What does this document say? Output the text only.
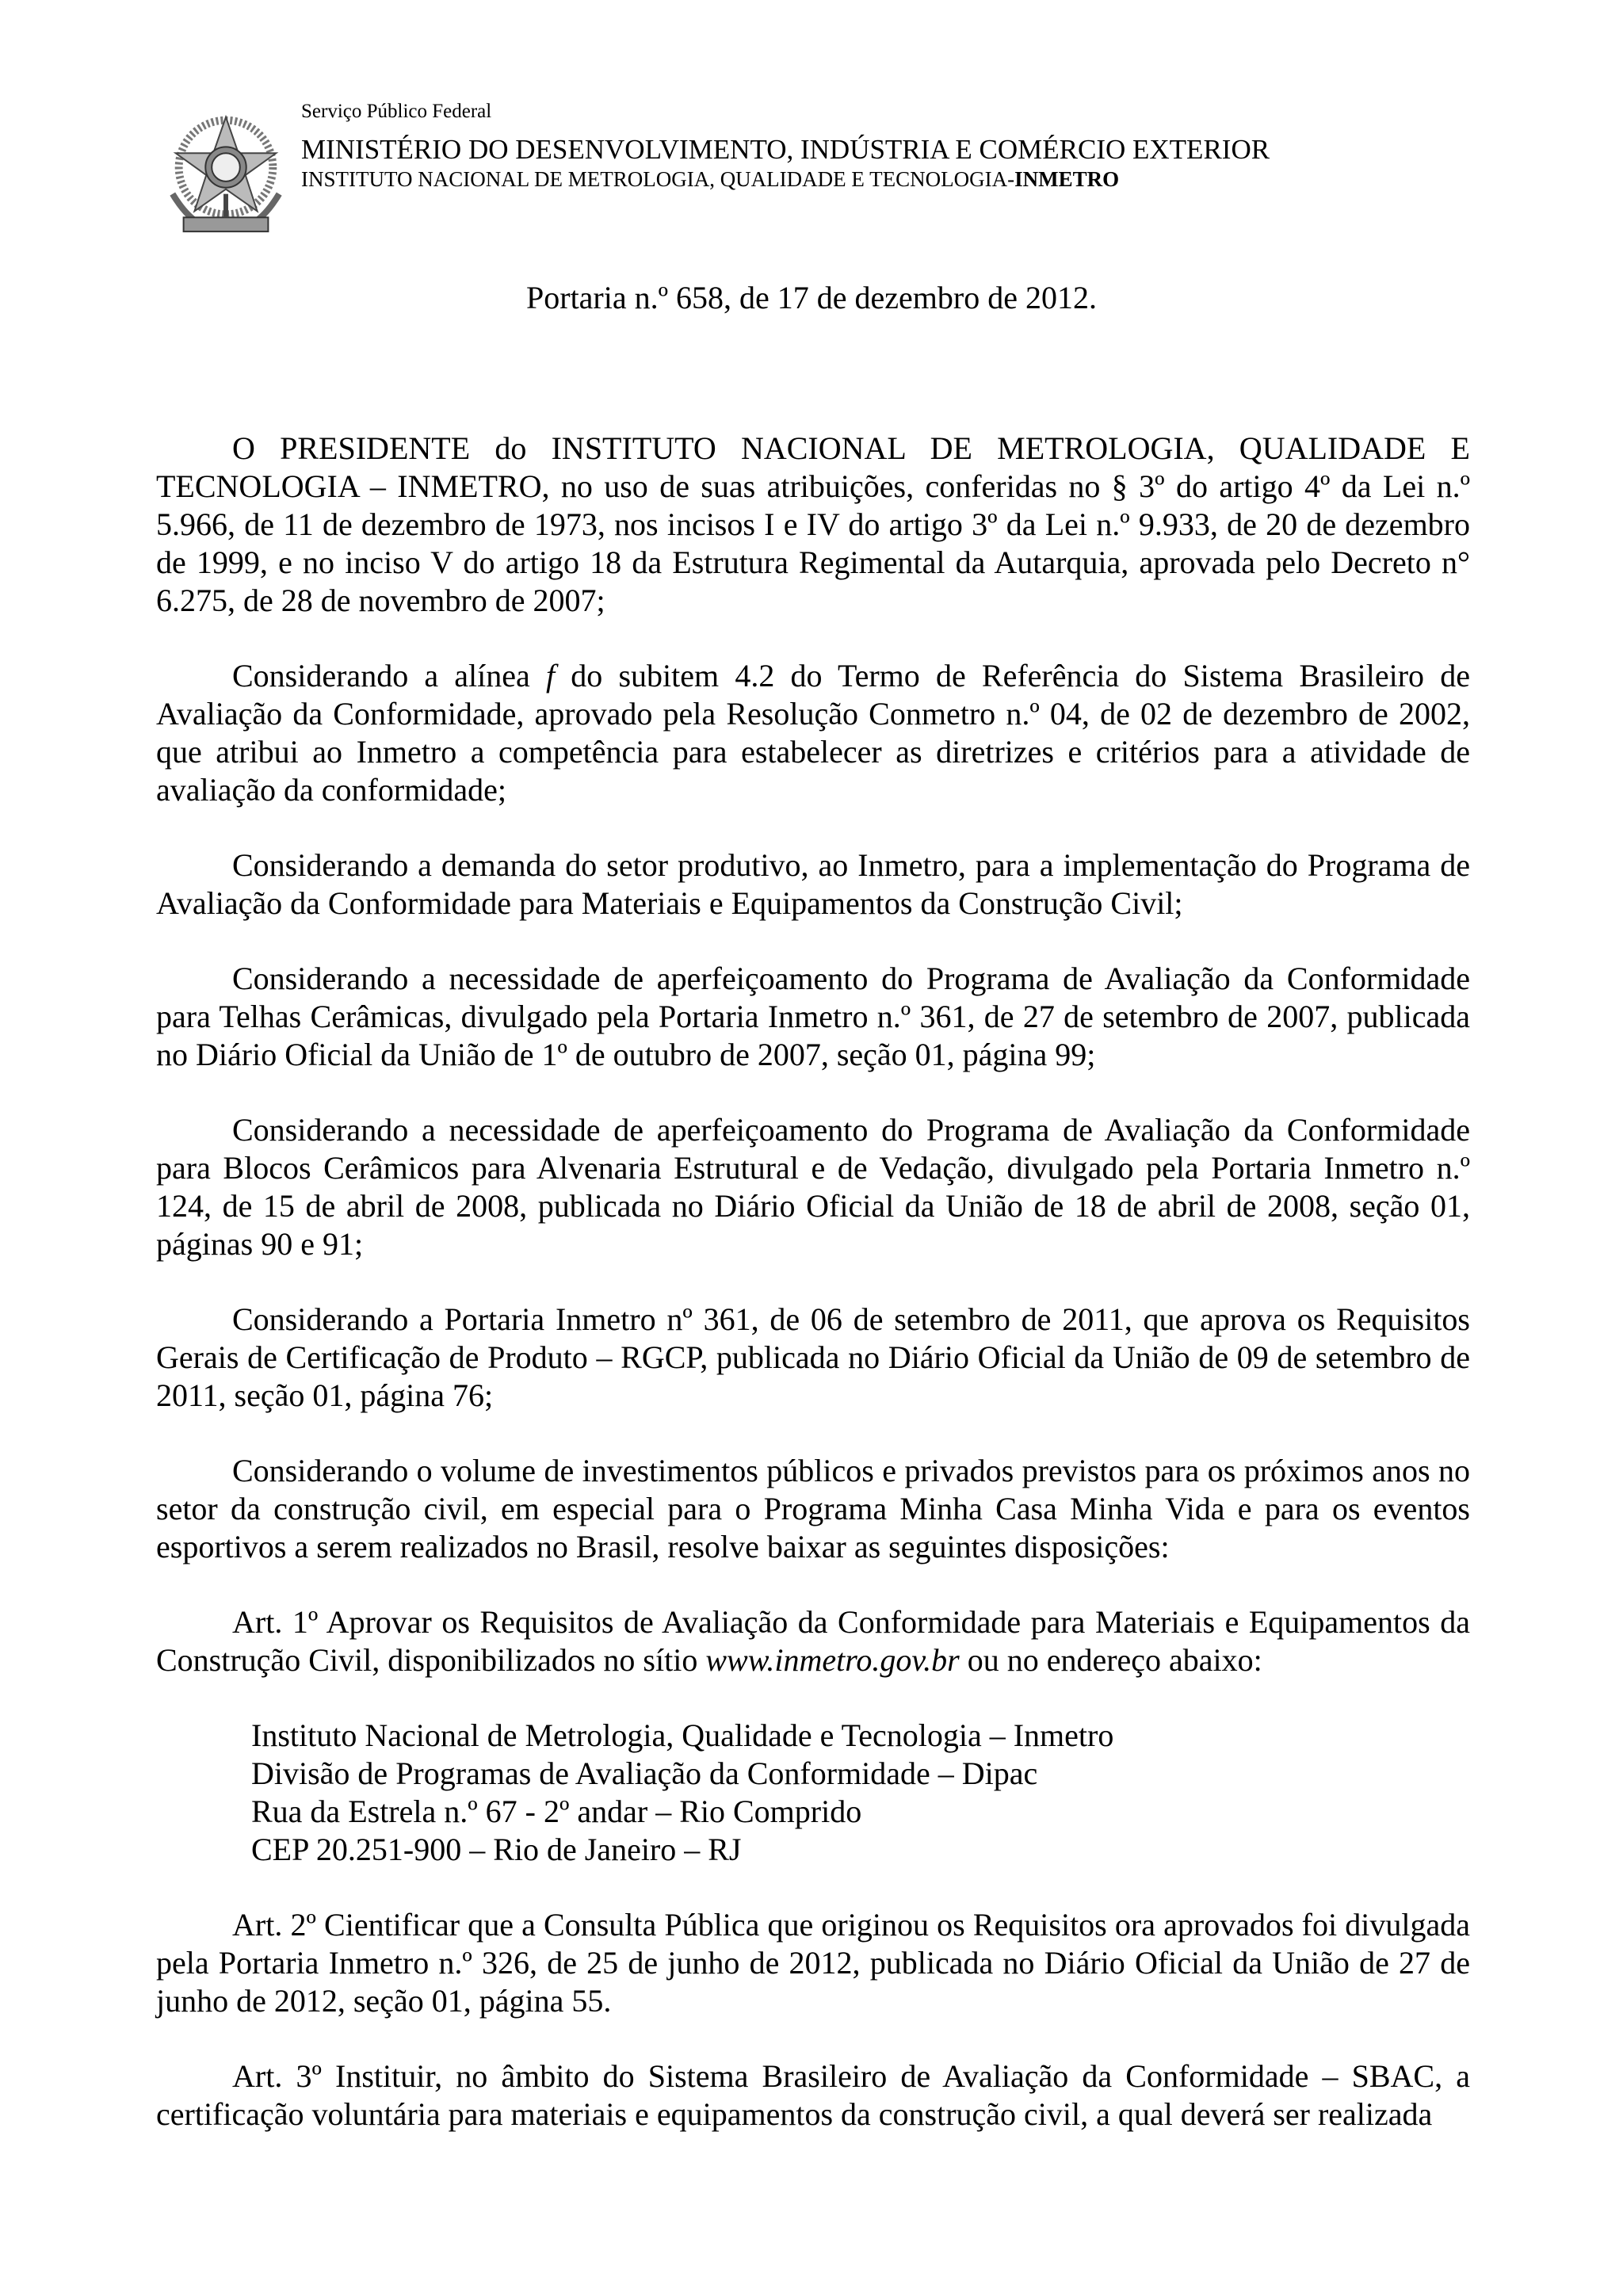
Serviço Público Federal

MINISTÉRIO DO DESENVOLVIMENTO, INDÚSTRIA E COMÉRCIO EXTERIOR

INSTITUTO NACIONAL DE METROLOGIA, QUALIDADE E TECNOLOGIA-INMETRO

Portaria n.º 658, de 17 de dezembro de 2012.

O PRESIDENTE do INSTITUTO NACIONAL DE METROLOGIA, QUALIDADE E TECNOLOGIA – INMETRO, no uso de suas atribuições, conferidas no § 3º do artigo 4º da Lei n.º 5.966, de 11 de dezembro de 1973, nos incisos I e IV do artigo 3º da Lei n.º 9.933, de 20 de dezembro de 1999, e no inciso V do artigo 18 da Estrutura Regimental da Autarquia, aprovada pelo Decreto n° 6.275, de 28 de novembro de 2007;

Considerando a alínea f do subitem 4.2 do Termo de Referência do Sistema Brasileiro de Avaliação da Conformidade, aprovado pela Resolução Conmetro n.º 04, de 02 de dezembro de 2002, que atribui ao Inmetro a competência para estabelecer as diretrizes e critérios para a atividade de avaliação da conformidade;

Considerando a demanda do setor produtivo, ao Inmetro, para a implementação do Programa de Avaliação da Conformidade para Materiais e Equipamentos da Construção Civil;

Considerando a necessidade de aperfeiçoamento do Programa de Avaliação da Conformidade para Telhas Cerâmicas, divulgado pela Portaria Inmetro n.º 361, de 27 de setembro de 2007, publicada no Diário Oficial da União de 1º de outubro de 2007, seção 01, página 99;

Considerando a necessidade de aperfeiçoamento do Programa de Avaliação da Conformidade para Blocos Cerâmicos para Alvenaria Estrutural e de Vedação, divulgado pela Portaria Inmetro n.º 124, de 15 de abril de 2008, publicada no Diário Oficial da União de 18 de abril de 2008, seção 01, páginas 90 e 91;

Considerando a Portaria Inmetro nº 361, de 06 de setembro de 2011, que aprova os Requisitos Gerais de Certificação de Produto – RGCP, publicada no Diário Oficial da União de 09 de setembro de 2011, seção 01, página 76;

Considerando o volume de investimentos públicos e privados previstos para os próximos anos no setor da construção civil, em especial para o Programa Minha Casa Minha Vida e para os eventos esportivos a serem realizados no Brasil, resolve baixar as seguintes disposições:

Art. 1º Aprovar os Requisitos de Avaliação da Conformidade para Materiais e Equipamentos da Construção Civil, disponibilizados no sítio www.inmetro.gov.br ou no endereço abaixo:

Instituto Nacional de Metrologia, Qualidade e Tecnologia – Inmetro
Divisão de Programas de Avaliação da Conformidade – Dipac
Rua da Estrela n.º 67 - 2º andar – Rio Comprido
CEP 20.251-900 – Rio de Janeiro – RJ

Art. 2º Cientificar que a Consulta Pública que originou os Requisitos ora aprovados foi divulgada pela Portaria Inmetro n.º 326, de 25 de junho de 2012, publicada no Diário Oficial da União de 27 de junho de 2012, seção 01, página 55.

Art. 3º Instituir, no âmbito do Sistema Brasileiro de Avaliação da Conformidade – SBAC, a certificação voluntária para materiais e equipamentos da construção civil, a qual deverá ser realizada
